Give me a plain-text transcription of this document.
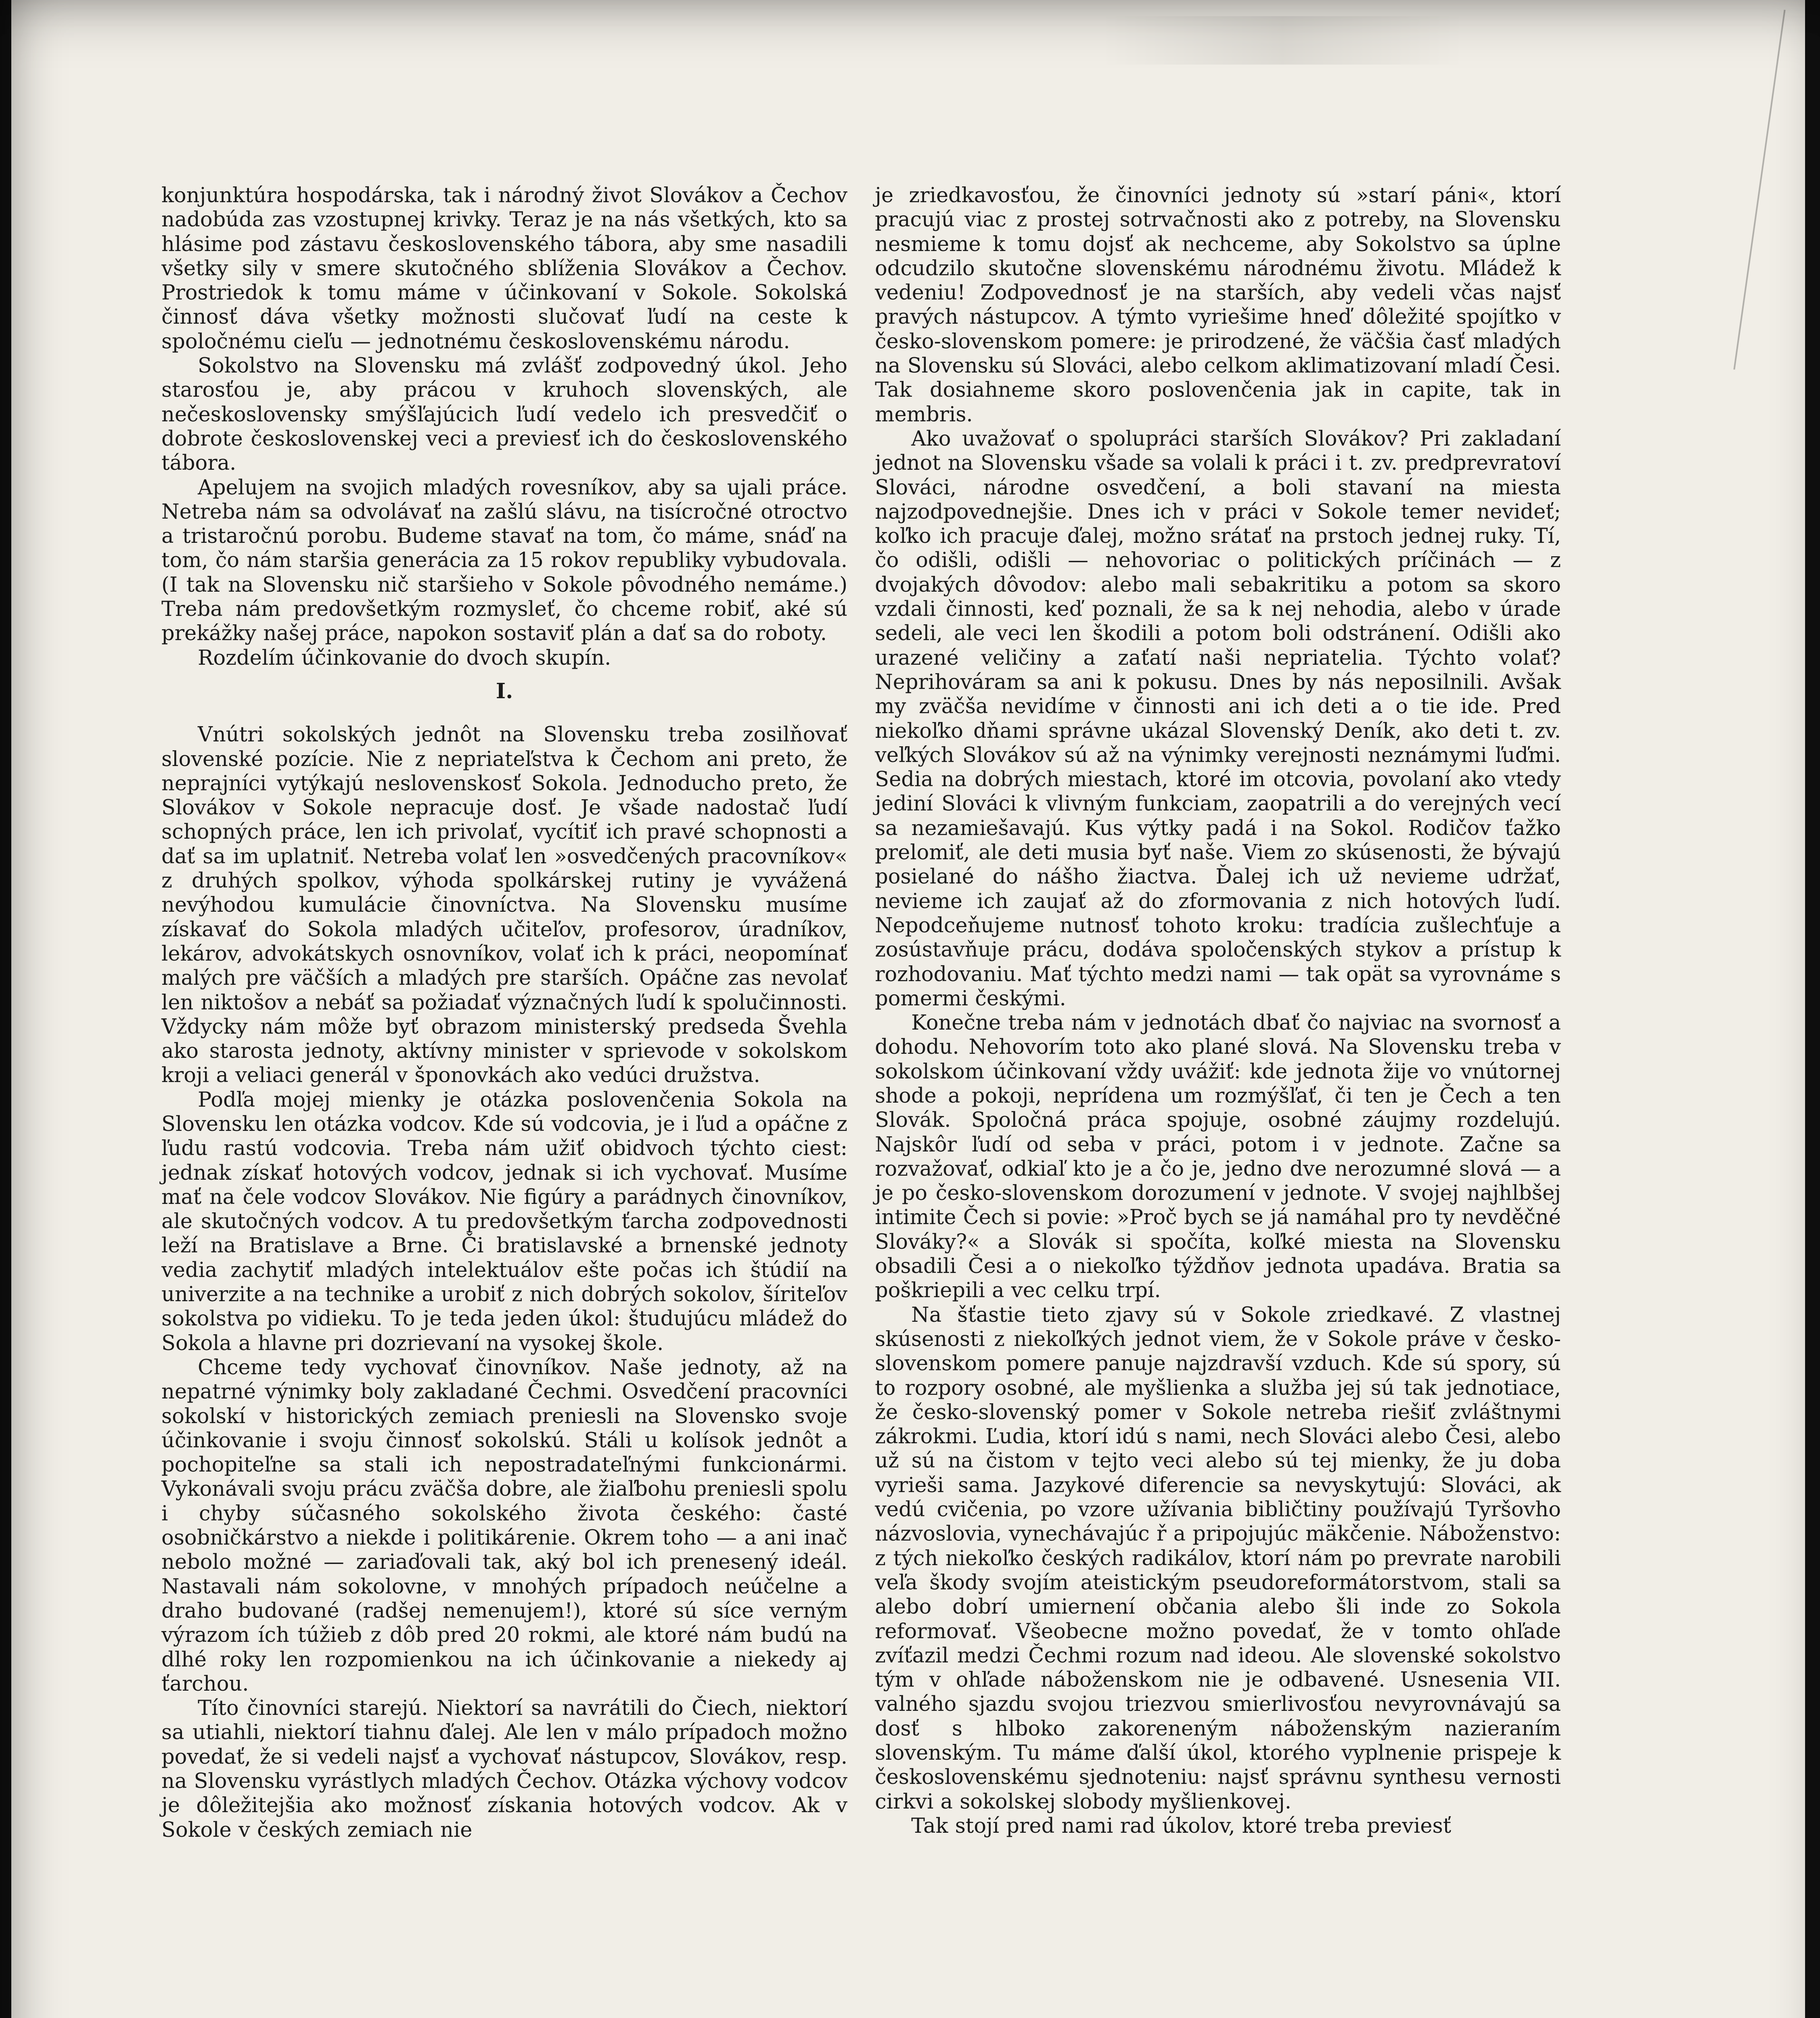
konjunktúra hospodárska, tak i národný život Slovákov a Čechov nadobúda zas vzostupnej krivky. Teraz je na nás všetkých, kto sa hlásime pod zástavu československého tábora, aby sme nasadili všetky sily v smere skutočného sblíženia Slovákov a Čechov. Prostriedok k tomu máme v účinkovaní v Sokole. Sokolská činnosť dáva všetky možnosti slučovať ľudí na ceste k spoločnému cieľu — jednotnému československému národu.

Sokolstvo na Slovensku má zvlášť zodpovedný úkol. Jeho starosťou je, aby prácou v kruhoch slovenských, ale nečeskoslovensky smýšľajúcich ľudí vedelo ich presvedčiť o dobrote československej veci a previesť ich do československého tábora.

Apelujem na svojich mladých rovesníkov, aby sa ujali práce. Netreba nám sa odvolávať na zašlú slávu, na tisícročné otroctvo a tristaročnú porobu. Budeme stavať na tom, čo máme, snáď na tom, čo nám staršia generácia za 15 rokov republiky vybudovala. (I tak na Slovensku nič staršieho v Sokole pôvodného nemáme.) Treba nám predovšetkým rozmysleť, čo chceme robiť, aké sú prekážky našej práce, napokon sostaviť plán a dať sa do roboty.

Rozdelím účinkovanie do dvoch skupín.

I.

Vnútri sokolských jednôt na Slovensku treba zosilňovať slovenské pozície. Nie z nepriateľstva k Čechom ani preto, že neprajníci vytýkajú neslovenskosť Sokola. Jednoducho preto, že Slovákov v Sokole nepracuje dosť. Je všade nadostač ľudí schopných práce, len ich privolať, vycítiť ich pravé schopnosti a dať sa im uplatniť. Netreba volať len »osvedčených pracovníkov« z druhých spolkov, výhoda spolkárskej rutiny je vyvážená nevýhodou kumulácie činovníctva. Na Slovensku musíme získavať do Sokola mladých učiteľov, profesorov, úradníkov, lekárov, advokátskych osnovníkov, volať ich k práci, neopomínať malých pre väčších a mladých pre starších. Opáčne zas nevolať len niktošov a nebáť sa požiadať význačných ľudí k spolučinnosti. Vždycky nám môže byť obrazom ministerský predseda Švehla ako starosta jednoty, aktívny minister v sprievode v sokolskom kroji a veliaci generál v šponovkách ako vedúci družstva.

Podľa mojej mienky je otázka poslovenčenia Sokola na Slovensku len otázka vodcov. Kde sú vodcovia, je i ľud a opáčne z ľudu rastú vodcovia. Treba nám užiť obidvoch týchto ciest: jednak získať hotových vodcov, jednak si ich vychovať. Musíme mať na čele vodcov Slovákov. Nie figúry a parádnych činovníkov, ale skutočných vodcov. A tu predovšetkým ťarcha zodpovednosti leží na Bratislave a Brne. Či bratislavské a brnenské jednoty vedia zachytiť mladých intelektuálov ešte počas ich štúdií na univerzite a na technike a urobiť z nich dobrých sokolov, šíriteľov sokolstva po vidieku. To je teda jeden úkol: študujúcu mládež do Sokola a hlavne pri dozrievaní na vysokej škole.

Chceme tedy vychovať činovníkov. Naše jednoty, až na nepatrné výnimky boly zakladané Čechmi. Osvedčení pracovníci sokolskí v historických zemiach preniesli na Slovensko svoje účinkovanie i svoju činnosť sokolskú. Stáli u kolísok jednôt a pochopiteľne sa stali ich nepostradateľnými funkcionármi. Vykonávali svoju prácu zväčša dobre, ale žiaľbohu preniesli spolu i chyby súčasného sokolského života českého: časté osobničkárstvo a niekde i politikárenie. Okrem toho — a ani inač nebolo možné — zariaďovali tak, aký bol ich prenesený ideál. Nastavali nám sokolovne, v mnohých prípadoch neúčelne a draho budované (radšej nemenujem!), ktoré sú síce verným výrazom ích túžieb z dôb pred 20 rokmi, ale ktoré nám budú na dlhé roky len rozpomienkou na ich účinkovanie a niekedy aj ťarchou.

Títo činovníci starejú. Niektorí sa navrátili do Čiech, niektorí sa utiahli, niektorí tiahnu ďalej. Ale len v málo prípadoch možno povedať, že si vedeli najsť a vychovať nástupcov, Slovákov, resp. na Slovensku vyrástlych mladých Čechov. Otázka výchovy vodcov je dôležitejšia ako možnosť získania hotových vodcov. Ak v Sokole v českých zemiach nie

je zriedkavosťou, že činovníci jednoty sú »starí páni«, ktorí pracujú viac z prostej sotrvačnosti ako z potreby, na Slovensku nesmieme k tomu dojsť ak nechceme, aby Sokolstvo sa úplne odcudzilo skutočne slovenskému národnému životu. Mládež k vedeniu! Zodpovednosť je na starších, aby vedeli včas najsť pravých nástupcov. A týmto vyriešime hneď dôležité spojítko v česko-slovenskom pomere: je prirodzené, že väčšia časť mladých na Slovensku sú Slováci, alebo celkom aklimatizovaní mladí Česi. Tak dosiahneme skoro poslovenčenia jak in capite, tak in membris.

Ako uvažovať o spolupráci starších Slovákov? Pri zakladaní jednot na Slovensku všade sa volali k práci i t. zv. predprevratoví Slováci, národne osvedčení, a boli stavaní na miesta najzodpovednejšie. Dnes ich v práci v Sokole temer nevideť; koľko ich pracuje ďalej, možno srátať na prstoch jednej ruky. Tí, čo odišli, odišli — nehovoriac o politických príčinách — z dvojakých dôvodov: alebo mali sebakritiku a potom sa skoro vzdali činnosti, keď poznali, že sa k nej nehodia, alebo v úrade sedeli, ale veci len škodili a potom boli odstránení. Odišli ako urazené veličiny a zaťatí naši nepriatelia. Týchto volať? Neprihováram sa ani k pokusu. Dnes by nás neposilnili. Avšak my zväčša nevidíme v činnosti ani ich deti a o tie ide. Pred niekoľko dňami správne ukázal Slovenský Deník, ako deti t. zv. veľkých Slovákov sú až na výnimky verejnosti neznámymi ľuďmi. Sedia na dobrých miestach, ktoré im otcovia, povolaní ako vtedy jediní Slováci k vlivným funkciam, zaopatrili a do verejných vecí sa nezamiešavajú. Kus výtky padá i na Sokol. Rodičov ťažko prelomiť, ale deti musia byť naše. Viem zo skúsenosti, že bývajú posielané do nášho žiactva. Ďalej ich už nevieme udržať, nevieme ich zaujať až do zformovania z nich hotových ľudí. Nepodceňujeme nutnosť tohoto kroku: tradícia zušlechťuje a zosústavňuje prácu, dodáva spoločenských stykov a prístup k rozhodovaniu. Mať týchto medzi nami — tak opät sa vyrovnáme s pomermi českými.

Konečne treba nám v jednotách dbať čo najviac na svornosť a dohodu. Nehovorím toto ako plané slová. Na Slovensku treba v sokolskom účinkovaní vždy uvážiť: kde jednota žije vo vnútornej shode a pokoji, neprídena um rozmýšľať, či ten je Čech a ten Slovák. Spoločná práca spojuje, osobné záujmy rozdelujú. Najskôr ľudí od seba v práci, potom i v jednote. Začne sa rozvažovať, odkiaľ kto je a čo je, jedno dve nerozumné slová — a je po česko-slovenskom dorozumení v jednote. V svojej najhlbšej intimite Čech si povie: »Proč bych se já namáhal pro ty nevděčné Slováky?« a Slovák si spočíta, koľké miesta na Slovensku obsadili Česi a o niekoľko týždňov jednota upadáva. Bratia sa poškriepili a vec celku trpí.

Na šťastie tieto zjavy sú v Sokole zriedkavé. Z vlastnej skúsenosti z niekoľkých jednot viem, že v Sokole práve v česko-slovenskom pomere panuje najzdravší vzduch. Kde sú spory, sú to rozpory osobné, ale myšlienka a služba jej sú tak jednotiace, že česko-slovenský pomer v Sokole netreba riešiť zvláštnymi zákrokmi. Ľudia, ktorí idú s nami, nech Slováci alebo Česi, alebo už sú na čistom v tejto veci alebo sú tej mienky, že ju doba vyrieši sama. Jazykové diferencie sa nevyskytujú: Slováci, ak vedú cvičenia, po vzore užívania bibličtiny používajú Tyršovho názvoslovia, vynechávajúc ř a pripojujúc mäkčenie. Náboženstvo: z tých niekoľko českých radikálov, ktorí nám po prevrate narobili veľa škody svojím ateistickým pseudoreformátorstvom, stali sa alebo dobrí umiernení občania alebo šli inde zo Sokola reformovať. Všeobecne možno povedať, že v tomto ohľade zvíťazil medzi Čechmi rozum nad ideou. Ale slovenské sokolstvo tým v ohľade náboženskom nie je odbavené. Usnesenia VII. valného sjazdu svojou triezvou smierlivosťou nevyrovnávajú sa dosť s hlboko zakoreneným náboženským nazieraním slovenským. Tu máme ďalší úkol, ktorého vyplnenie prispeje k československému sjednoteniu: najsť správnu synthesu vernosti cirkvi a sokolskej slobody myšlienkovej.

Tak stojí pred nami rad úkolov, ktoré treba previesť
